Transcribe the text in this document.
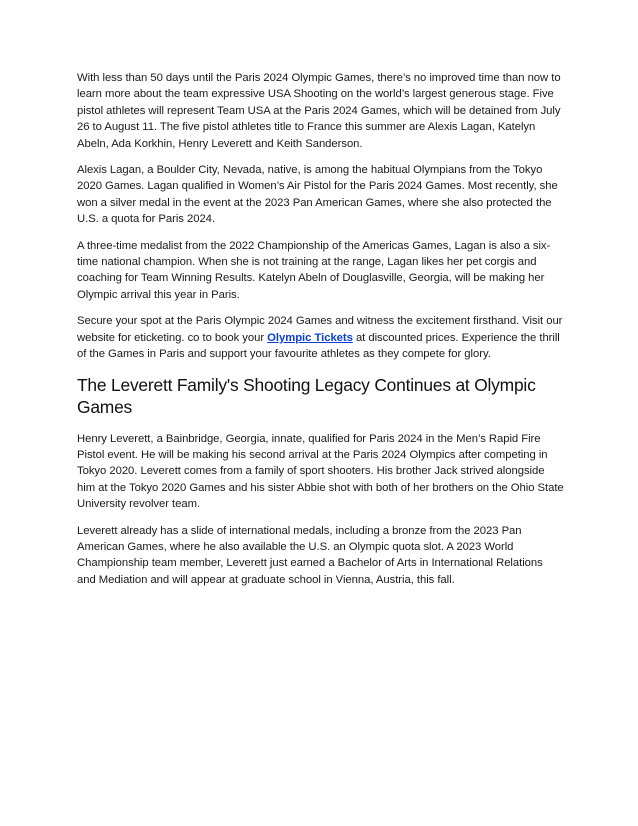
With less than 50 days until the Paris 2024 Olympic Games, there’s no improved time than now to learn more about the team expressive USA Shooting on the world’s largest generous stage. Five pistol athletes will represent Team USA at the Paris 2024 Games, which will be detained from July 26 to August 11. The five pistol athletes title to France this summer are Alexis Lagan, Katelyn Abeln, Ada Korkhin, Henry Leverett and Keith Sanderson.

Alexis Lagan, a Boulder City, Nevada, native, is among the habitual Olympians from the Tokyo 2020 Games. Lagan qualified in Women’s Air Pistol for the Paris 2024 Games. Most recently, she won a silver medal in the event at the 2023 Pan American Games, where she also protected the U.S. a quota for Paris 2024.

A three-time medalist from the 2022 Championship of the Americas Games, Lagan is also a six-time national champion. When she is not training at the range, Lagan likes her pet corgis and coaching for Team Winning Results. Katelyn Abeln of Douglasville, Georgia, will be making her Olympic arrival this year in Paris.

Secure your spot at the Paris Olympic 2024 Games and witness the excitement firsthand. Visit our website for eticketing. co to book your Olympic Tickets at discounted prices. Experience the thrill of the Games in Paris and support your favourite athletes as they compete for glory.

The Leverett Family's Shooting Legacy Continues at Olympic Games

Henry Leverett, a Bainbridge, Georgia, innate, qualified for Paris 2024 in the Men’s Rapid Fire Pistol event. He will be making his second arrival at the Paris 2024 Olympics after competing in Tokyo 2020. Leverett comes from a family of sport shooters. His brother Jack strived alongside him at the Tokyo 2020 Games and his sister Abbie shot with both of her brothers on the Ohio State University revolver team.

Leverett already has a slide of international medals, including a bronze from the 2023 Pan American Games, where he also available the U.S. an Olympic quota slot. A 2023 World Championship team member, Leverett just earned a Bachelor of Arts in International Relations and Mediation and will appear at graduate school in Vienna, Austria, this fall.
